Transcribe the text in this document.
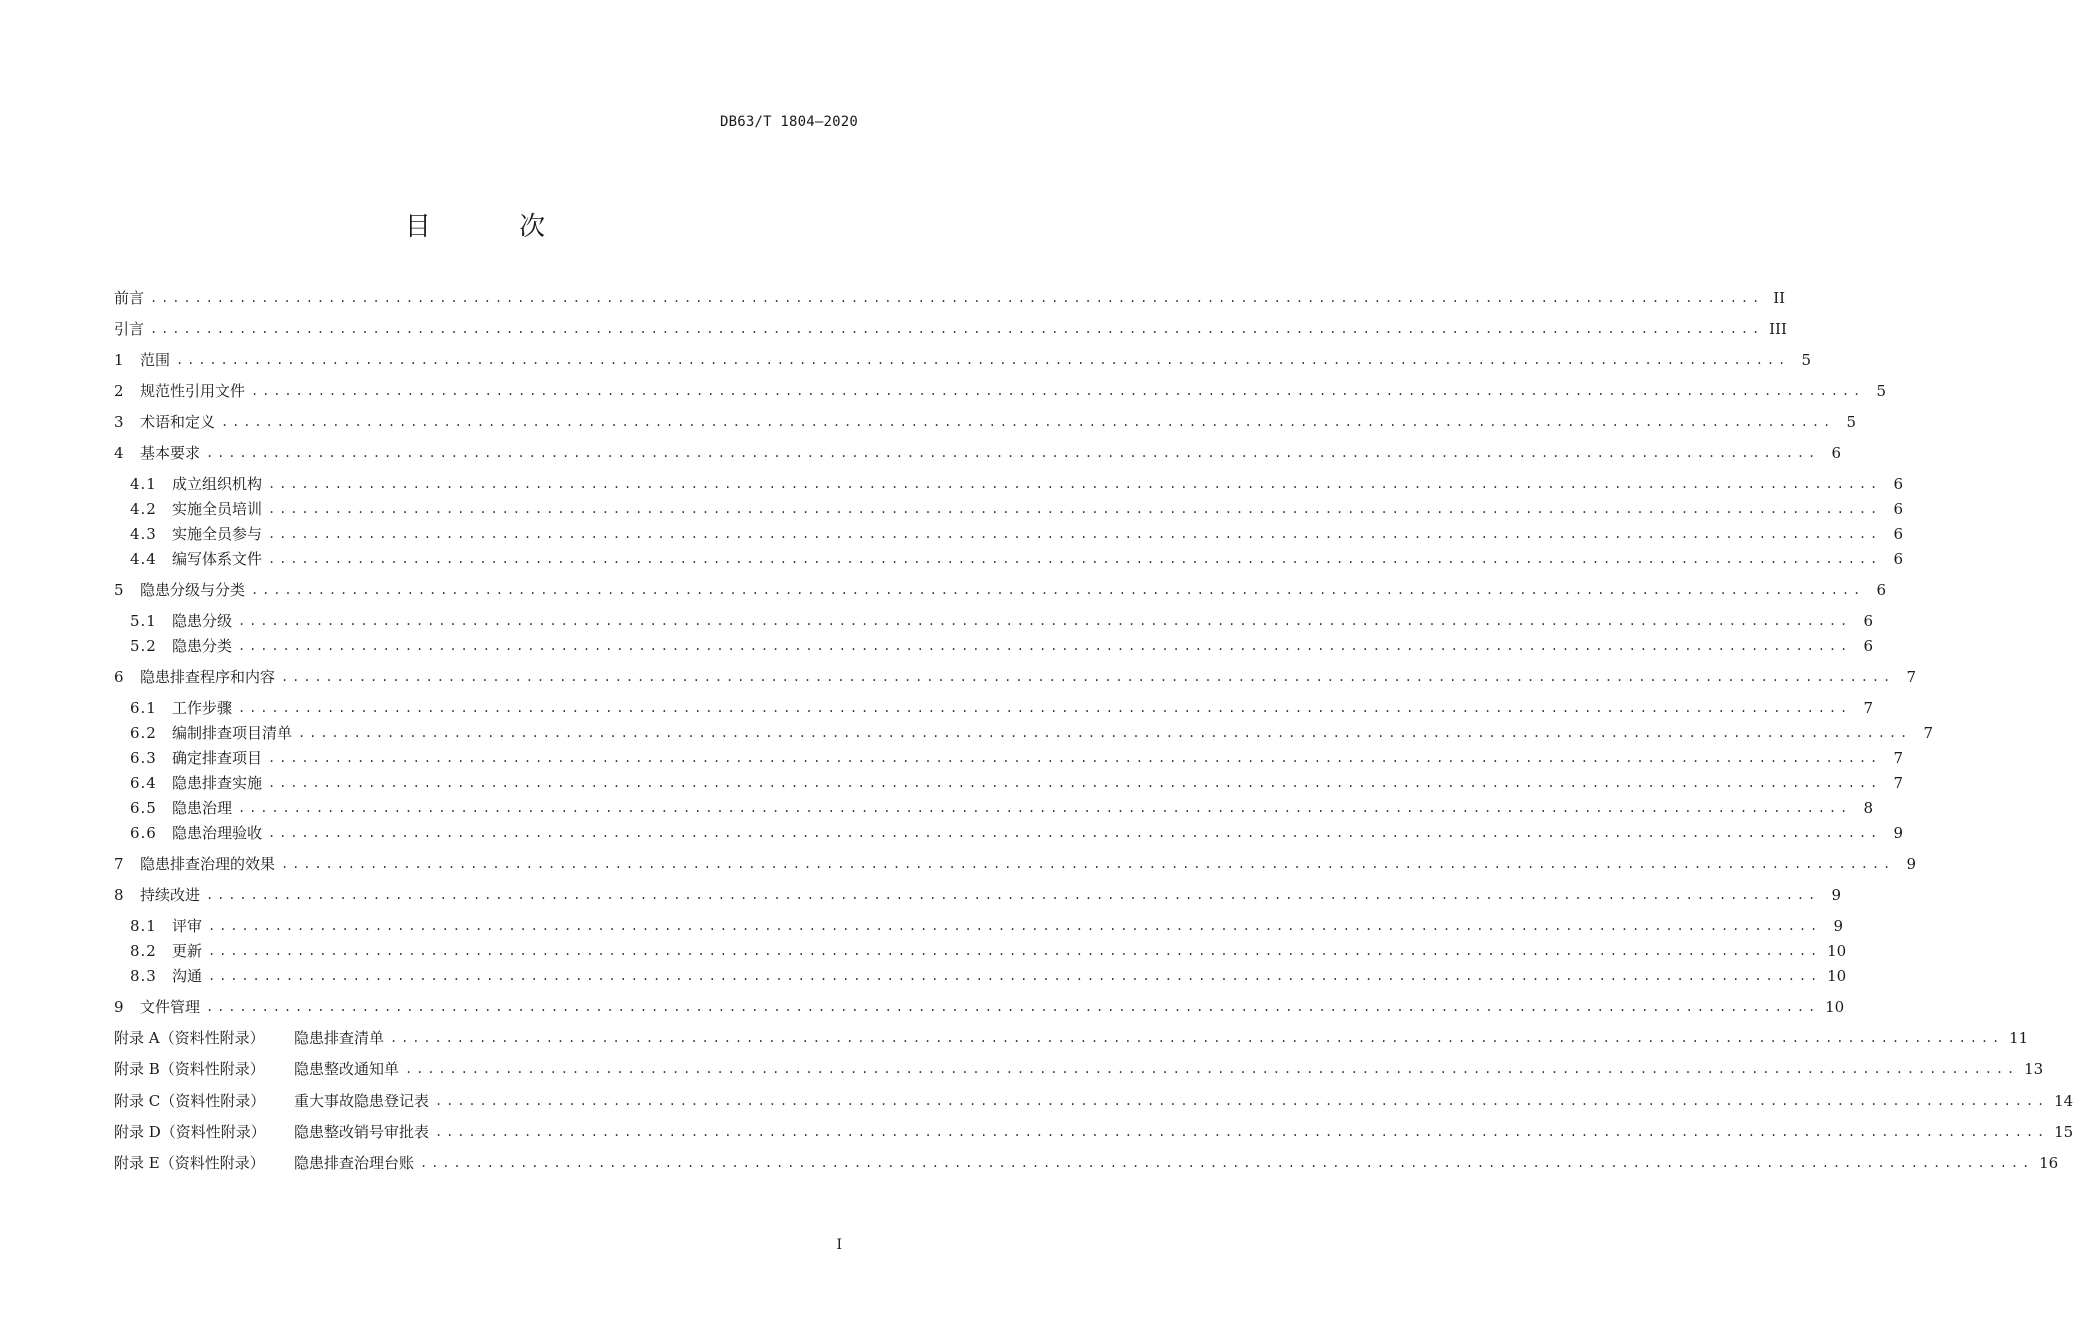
DB63/T 1804—2020
目 次
前言 ................................................................................................................................................. II
引言 ................................................................................................................................................. III
1	范围 ................................................................................................................................................. 5
2	规范性引用文件 ................................................................................................................................................. 5
3	术语和定义 ................................................................................................................................................. 5
4	基本要求 ................................................................................................................................................. 6
4.1	成立组织机构 ................................................................................................................................................. 6
4.2	实施全员培训 ................................................................................................................................................. 6
4.3	实施全员参与 ................................................................................................................................................. 6
4.4	编写体系文件 ................................................................................................................................................. 6
5	隐患分级与分类 ................................................................................................................................................. 6
5.1	隐患分级 ................................................................................................................................................. 6
5.2	隐患分类 ................................................................................................................................................. 6
6	隐患排查程序和内容 ................................................................................................................................................. 7
6.1	工作步骤 ................................................................................................................................................. 7
6.2	编制排查项目清单 ................................................................................................................................................. 7
6.3	确定排查项目 ................................................................................................................................................. 7
6.4	隐患排查实施 ................................................................................................................................................. 7
6.5	隐患治理 ................................................................................................................................................. 8
6.6	隐患治理验收 ................................................................................................................................................. 9
7	隐患排查治理的效果 ................................................................................................................................................. 9
8	持续改进 ................................................................................................................................................. 9
8.1	评审 ................................................................................................................................................. 9
8.2	更新 ................................................................................................................................................. 10
8.3	沟通 ................................................................................................................................................. 10
9	文件管理 ................................................................................................................................................. 10
附录 A（资料性附录）	隐患排查清单 ................................................................................................................................................. 11
附录 B（资料性附录）	隐患整改通知单 ................................................................................................................................................. 13
附录 C（资料性附录）	重大事故隐患登记表 ................................................................................................................................................. 14
附录 D（资料性附录）	隐患整改销号审批表 ................................................................................................................................................. 15
附录 E（资料性附录）	隐患排查治理台账 ................................................................................................................................................. 16
I
